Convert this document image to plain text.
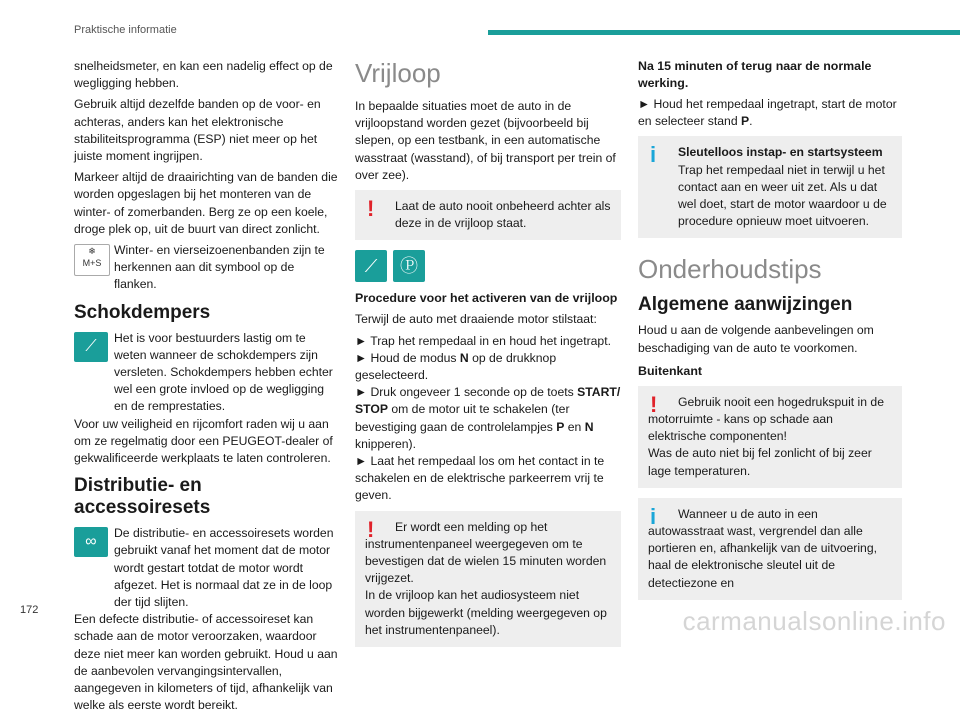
Praktische informatie

snelheidsmeter, en kan een nadelig effect op de wegligging hebben.

Gebruik altijd dezelfde banden op de voor- en achteras, anders kan het elektronische stabiliteitsprogramma (ESP) niet meer op het juiste moment ingrijpen.

Markeer altijd de draairichting van de banden die worden opgeslagen bij het monteren van de winter- of zomerbanden. Berg ze op een koele, droge plek op, uit de buurt van direct zonlicht.

❄
M+S
Winter- en vierseizoenenbanden zijn te herkennen aan dit symbool op de flanken.
Schokdempers
⟋	Het is voor bestuurders lastig om te weten wanneer de schokdempers zijn versleten. Schokdempers hebben echter wel een grote invloed op de wegligging en de remprestaties.

Voor uw veiligheid en rijcomfort raden wij u aan om ze regelmatig door een PEUGEOT-dealer of gekwalificeerde werkplaats te laten controleren.

Distributie- en accessoiresets
∞	De distributie- en accessoiresets worden gebruikt vanaf het moment dat de motor wordt gestart totdat de motor wordt afgezet. Het is normaal dat ze in de loop der tijd slijten.

Een defecte distributie- of accessoireset kan schade aan de motor veroorzaken, waardoor deze niet meer kan worden gebruikt. Houd u aan de aanbevolen vervangingsintervallen, aangegeven in kilometers of tijd, afhankelijk van welke als eerste wordt bereikt.

Vrijloop

In bepaalde situaties moet de auto in de vrijloopstand worden gezet (bijvoorbeeld bij slepen, op een testbank, in een automatische wasstraat (wasstand), of bij transport per trein of over zee).

!	Laat de auto nooit onbeheerd achter als deze in de vrijloop staat.
⟋	Ⓟ
Procedure voor het activeren van de vrijloop

Terwijl de auto met draaiende motor stilstaat:

► Trap het rempedaal in en houd het ingetrapt.

► Houd de modus N op de drukknop geselecteerd.

► Druk ongeveer 1 seconde op de toets START/ STOP om de motor uit te schakelen (ter bevestiging gaan de controlelampjes P en N knipperen).

► Laat het rempedaal los om het contact in te schakelen en de elektrische parkeerrem vrij te geven.

!	Er wordt een melding op het instrumentenpaneel weergegeven om te bevestigen dat de wielen 15 minuten worden vrijgezet.
In de vrijloop kan het audiosysteem niet worden bijgewerkt (melding weergegeven op het instrumentenpaneel).
Na 15 minuten of terug naar de normale werking.

► Houd het rempedaal ingetrapt, start de motor en selecteer stand P.

i	Sleutelloos instap- en startsysteem
Trap het rempedaal niet in terwijl u het contact aan en weer uit zet. Als u dat wel doet, start de motor waardoor u de procedure opnieuw moet uitvoeren.
Onderhoudstips
Algemene aanwijzingen

Houd u aan de volgende aanbevelingen om beschadiging van de auto te voorkomen.

Buitenkant
!	Gebruik nooit een hogedrukspuit in de motorruimte - kans op schade aan elektrische componenten!
Was de auto niet bij fel zonlicht of bij zeer lage temperaturen.
i	Wanneer u de auto in een autowasstraat wast, vergrendel dan alle portieren en, afhankelijk van de uitvoering, haal de elektronische sleutel uit de detectiezone en
172	carmanualsonline.info
